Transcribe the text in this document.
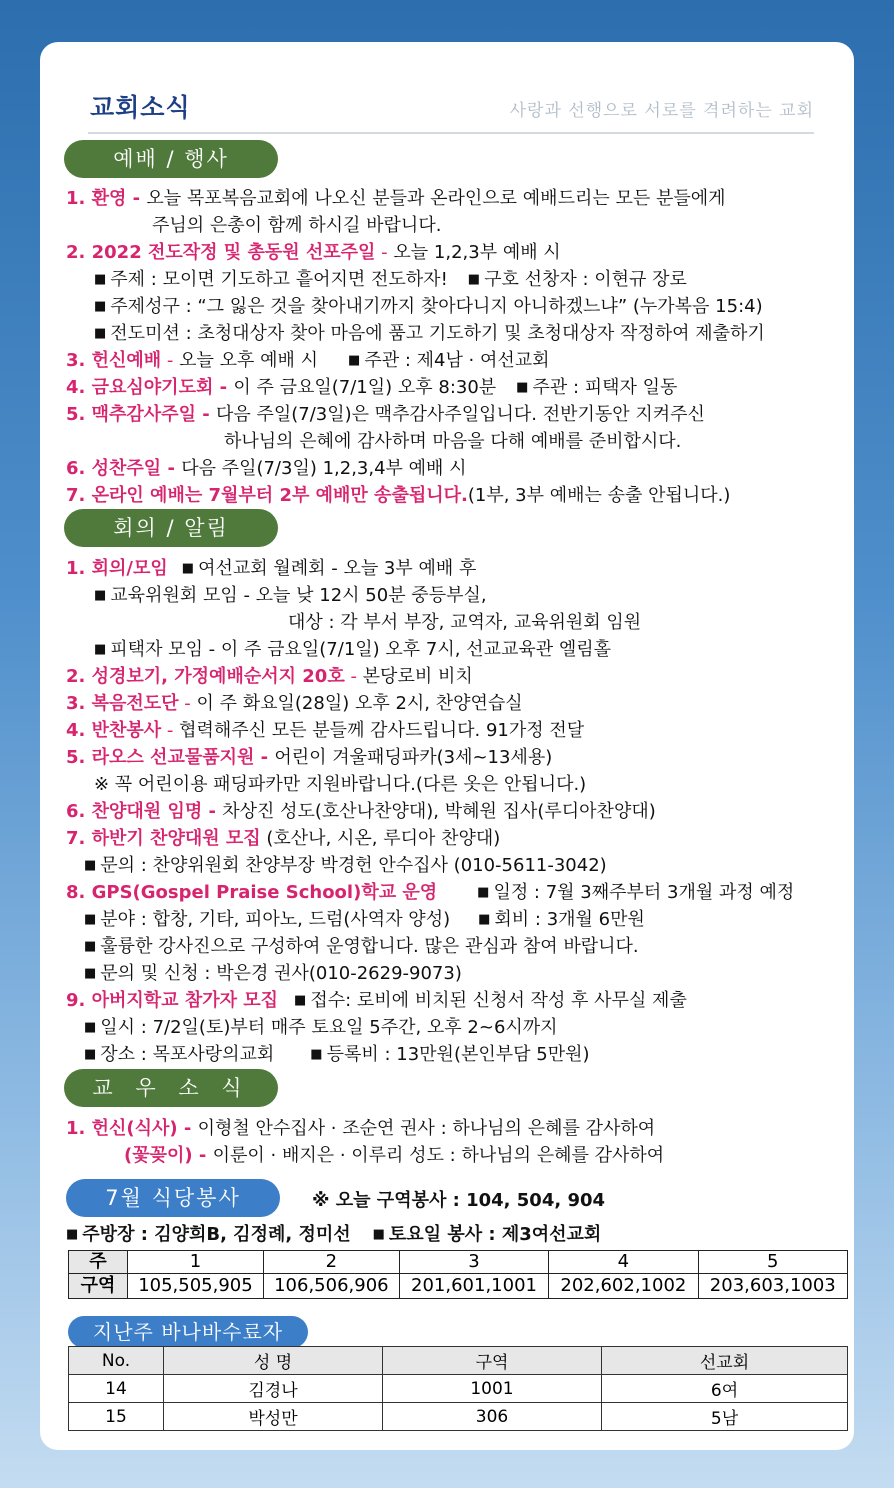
교회소식	사랑과 선행으로 서로를 격려하는 교회
예배 / 행사
1. 환영 - 오늘 목포복음교회에 나오신 분들과 온라인으로 예배드리는 모든 분들에게
주님의 은총이 함께 하시길 바랍니다.
2. 2022 전도작정 및 총동원 선포주일 - 오늘 1,2,3부 예배 시
■ 주제 : 모이면 기도하고 흩어지면 전도하자! ■ 구호 선창자 : 이현규 장로
■ 주제성구 : “그 잃은 것을 찾아내기까지 찾아다니지 아니하겠느냐” (누가복음 15:4)
■ 전도미션 : 초청대상자 찾아 마음에 품고 기도하기 및 초청대상자 작정하여 제출하기
3. 헌신예배 - 오늘 오후 예배 시 ■ 주관 : 제4남 · 여선교회
4. 금요심야기도회 - 이 주 금요일(7/1일) 오후 8:30분 ■ 주관 : 피택자 일동
5. 맥추감사주일 - 다음 주일(7/3일)은 맥추감사주일입니다. 전반기동안 지켜주신
하나님의 은혜에 감사하며 마음을 다해 예배를 준비합시다.
6. 성찬주일 - 다음 주일(7/3일) 1,2,3,4부 예배 시
7. 온라인 예배는 7월부터 2부 예배만 송출됩니다.(1부, 3부 예배는 송출 안됩니다.)
회의 / 알림
1. 회의/모임 ■ 여선교회 월례회 - 오늘 3부 예배 후
■ 교육위원회 모임 - 오늘 낮 12시 50분 중등부실,
대상 : 각 부서 부장, 교역자, 교육위원회 임원
■ 피택자 모임 - 이 주 금요일(7/1일) 오후 7시, 선교교육관 엘림홀
2. 성경보기, 가정예배순서지 20호 - 본당로비 비치
3. 복음전도단 - 이 주 화요일(28일) 오후 2시, 찬양연습실
4. 반찬봉사 - 협력해주신 모든 분들께 감사드립니다. 91가정 전달
5. 라오스 선교물품지원 - 어린이 겨울패딩파카(3세~13세용)
※ 꼭 어린이용 패딩파카만 지원바랍니다.(다른 옷은 안됩니다.)
6. 찬양대원 임명 - 차상진 성도(호산나찬양대), 박혜원 집사(루디아찬양대)
7. 하반기 찬양대원 모집 (호산나, 시온, 루디아 찬양대)
■ 문의 : 찬양위원회 찬양부장 박경헌 안수집사 (010-5611-3042)
8. GPS(Gospel Praise School)학교 운영	■ 일정 : 7월 3째주부터 3개월 과정 예정
■ 분야 : 합창, 기타, 피아노, 드럼(사역자 양성) ■ 회비 : 3개월 6만원
■ 훌륭한 강사진으로 구성하여 운영합니다. 많은 관심과 참여 바랍니다.
■ 문의 및 신청 : 박은경 권사(010-2629-9073)
9. 아버지학교 참가자 모집 ■ 접수: 로비에 비치된 신청서 작성 후 사무실 제출
■ 일시 : 7/2일(토)부터 매주 토요일 5주간, 오후 2~6시까지
■ 장소 : 목포사랑의교회	■ 등록비 : 13만원(본인부담 5만원)
교 우 소 식
1. 헌신(식사) - 이형철 안수집사 · 조순연 권사 : 하나님의 은혜를 감사하여
(꽃꽂이) - 이룬이 · 배지은 · 이루리 성도 : 하나님의 은혜를 감사하여
7월 식당봉사	※ 오늘 구역봉사 : 104, 504, 904
■ 주방장 : 김양희B, 김정례, 정미선 ■ 토요일 봉사 : 제3여선교회
주	1	2	3	4	5
구역	105,505,905	106,506,906	201,601,1001	202,602,1002	203,603,1003
지난주 바나바수료자
No.	성 명	구역	선교회
14	김경나	1001	6여
15	박성만	306	5남
